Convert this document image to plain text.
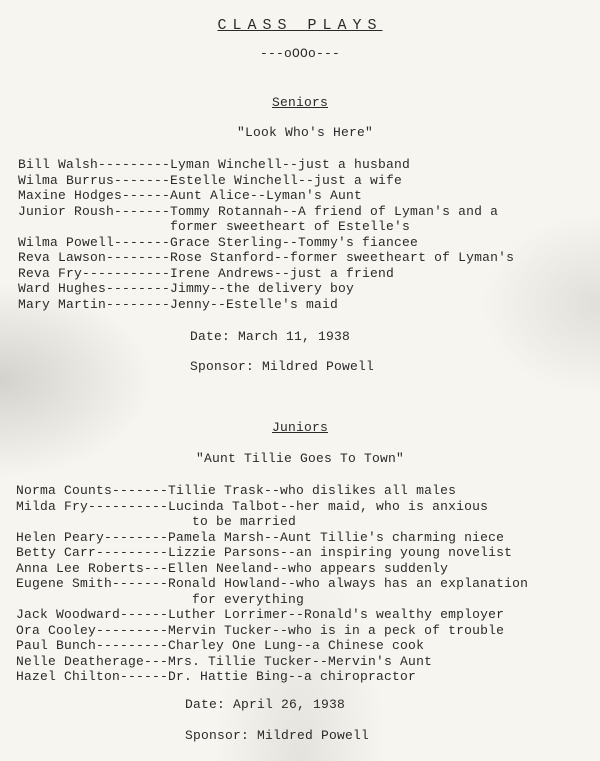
CLASS PLAYS
---oOOo---
Seniors
"Look Who's Here"
Bill Walsh---------Lyman Winchell--just a husband
Wilma Burrus-------Estelle Winchell--just a wife
Maxine Hodges------Aunt Alice--Lyman's Aunt
Junior Roush-------Tommy Rotannah--A friend of Lyman's and a
former sweetheart of Estelle's
Wilma Powell-------Grace Sterling--Tommy's fiancee
Reva Lawson--------Rose Stanford--former sweetheart of Lyman's
Reva Fry-----------Irene Andrews--just a friend
Ward Hughes--------Jimmy--the delivery boy
Mary Martin--------Jenny--Estelle's maid
Date: March 11, 1938
Sponsor: Mildred Powell
Juniors
"Aunt Tillie Goes To Town"
Norma Counts-------Tillie Trask--who dislikes all males
Milda Fry----------Lucinda Talbot--her maid, who is anxious
to be married
Helen Peary--------Pamela Marsh--Aunt Tillie's charming niece
Betty Carr---------Lizzie Parsons--an inspiring young novelist
Anna Lee Roberts---Ellen Neeland--who appears suddenly
Eugene Smith-------Ronald Howland--who always has an explanation
for everything
Jack Woodward------Luther Lorrimer--Ronald's wealthy employer
Ora Cooley---------Mervin Tucker--who is in a peck of trouble
Paul Bunch---------Charley One Lung--a Chinese cook
Nelle Deatherage---Mrs. Tillie Tucker--Mervin's Aunt
Hazel Chilton------Dr. Hattie Bing--a chiropractor
Date: April 26, 1938
Sponsor: Mildred Powell
